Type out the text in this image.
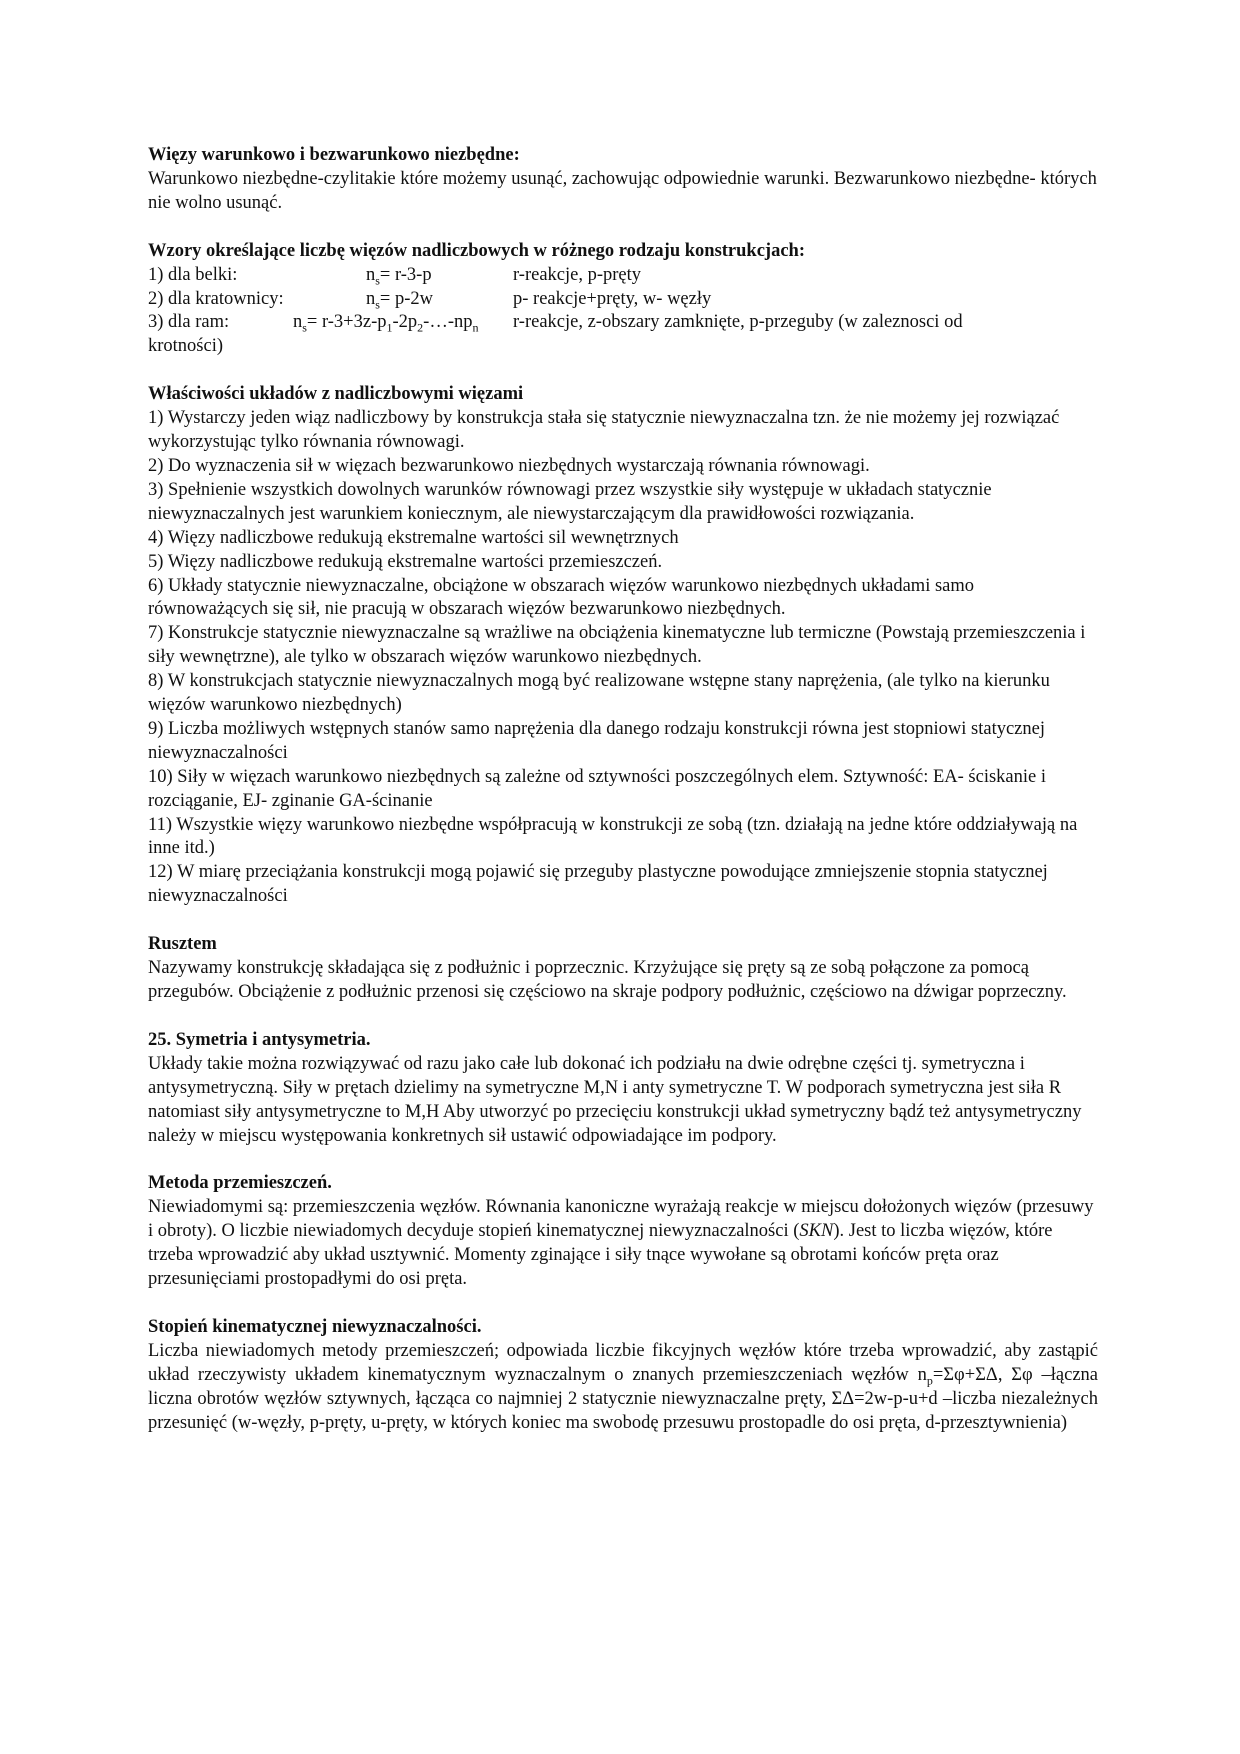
Więzy warunkowo i bezwarunkowo niezbędne:

Warunkowo niezbędne-czylitakie które możemy usunąć, zachowując odpowiednie warunki. Bezwarunkowo niezbędne- których nie wolno usunąć.

Wzory określające liczbę więzów nadliczbowych w różnego rodzaju konstrukcjach:

1) dla belki:	$n_s= r-3-p$	r-reakcje, p-pręty
2) dla kratownicy:	$n_s= p-2w$	p- reakcje+pręty, w- węzły
3) dla ram:	$n_s=$ $r-3+3z-p_1-2p_2-\dots-np_n$	r-reakcje, z-obszary zamknięte, p-przeguby (w zaleznosci od

krotności)

Właściwości układów z nadliczbowymi więzami

1) Wystarczy jeden wiąz nadliczbowy by konstrukcja stała się statycznie niewyznaczalna tzn. że nie możemy jej rozwiązać wykorzystując tylko równania równowagi.

2) Do wyznaczenia sił w więzach bezwarunkowo niezbędnych wystarczają równania równowagi.

3) Spełnienie wszystkich dowolnych warunków równowagi przez wszystkie siły występuje w układach statycznie niewyznaczalnych jest warunkiem koniecznym, ale niewystarczającym dla prawidłowości rozwiązania.

4) Więzy nadliczbowe redukują ekstremalne wartości sil wewnętrznych

5) Więzy nadliczbowe redukują ekstremalne wartości przemieszczeń.

6) Układy statycznie niewyznaczalne, obciążone w obszarach więzów warunkowo niezbędnych układami samo równoważących się sił, nie pracują w obszarach więzów bezwarunkowo niezbędnych.

7) Konstrukcje statycznie niewyznaczalne są wrażliwe na obciążenia kinematyczne lub termiczne (Powstają przemieszczenia i siły wewnętrzne), ale tylko w obszarach więzów warunkowo niezbędnych.

8) W konstrukcjach statycznie niewyznaczalnych mogą być realizowane wstępne stany naprężenia, (ale tylko na kierunku więzów warunkowo niezbędnych)

9) Liczba możliwych wstępnych stanów samo naprężenia dla danego rodzaju konstrukcji równa jest stopniowi statycznej niewyznaczalności

10) Siły w więzach warunkowo niezbędnych są zależne od sztywności poszczególnych elem. Sztywność: EA- ściskanie i rozciąganie, EJ- zginanie GA-ścinanie

11) Wszystkie więzy warunkowo niezbędne współpracują w konstrukcji ze sobą (tzn. działają na jedne które oddziaływają na inne itd.)

12) W miarę przeciążania konstrukcji mogą pojawić się przeguby plastyczne powodujące zmniejszenie stopnia statycznej niewyznaczalności

Rusztem

Nazywamy konstrukcję składająca się z podłużnic i poprzecznic. Krzyżujące się pręty są ze sobą połączone za pomocą przegubów. Obciążenie z podłużnic przenosi się częściowo na skraje podpory podłużnic, częściowo na dźwigar poprzeczny.

25. Symetria i antysymetria.

Układy takie można rozwiązywać od razu jako całe lub dokonać ich podziału na dwie odrębne części tj. symetryczna i antysymetryczną. Siły w prętach dzielimy na symetryczne M,N i anty symetryczne T. W podporach symetryczna jest siła R natomiast siły antysymetryczne to M,H Aby utworzyć po przecięciu konstrukcji układ symetryczny bądź też antysymetryczny należy w miejscu występowania konkretnych sił ustawić odpowiadające im podpory.

Metoda przemieszczeń.

Niewiadomymi są: przemieszczenia węzłów. Równania kanoniczne wyrażają reakcje w miejscu dołożonych więzów (przesuwy i obroty). O liczbie niewiadomych decyduje stopień kinematycznej niewyznaczalności (SKN). Jest to liczba więzów, które trzeba wprowadzić aby układ usztywnić. Momenty zginające i siły tnące wywołane są obrotami końców pręta oraz przesunięciami prostopadłymi do osi pręta.

Stopień kinematycznej niewyznaczalności.

Liczba niewiadomych metody przemieszczeń; odpowiada liczbie fikcyjnych węzłów które trzeba wprowadzić, aby zastąpić układ rzeczywisty układem kinematycznym wyznaczalnym o znanych przemieszczeniach węzłów $n_p=\Sigma\varphi+\Sigma\Delta$, Σφ –łączna liczna obrotów węzłów sztywnych, łącząca co najmniej 2 statycznie niewyznaczalne pręty, ΣΔ=2w-p-u+d –liczba niezależnych przesunięć (w-węzły, p-pręty, u-pręty, w których koniec ma swobodę przesuwu prostopadle do osi pręta, d-przesztywnienia)
